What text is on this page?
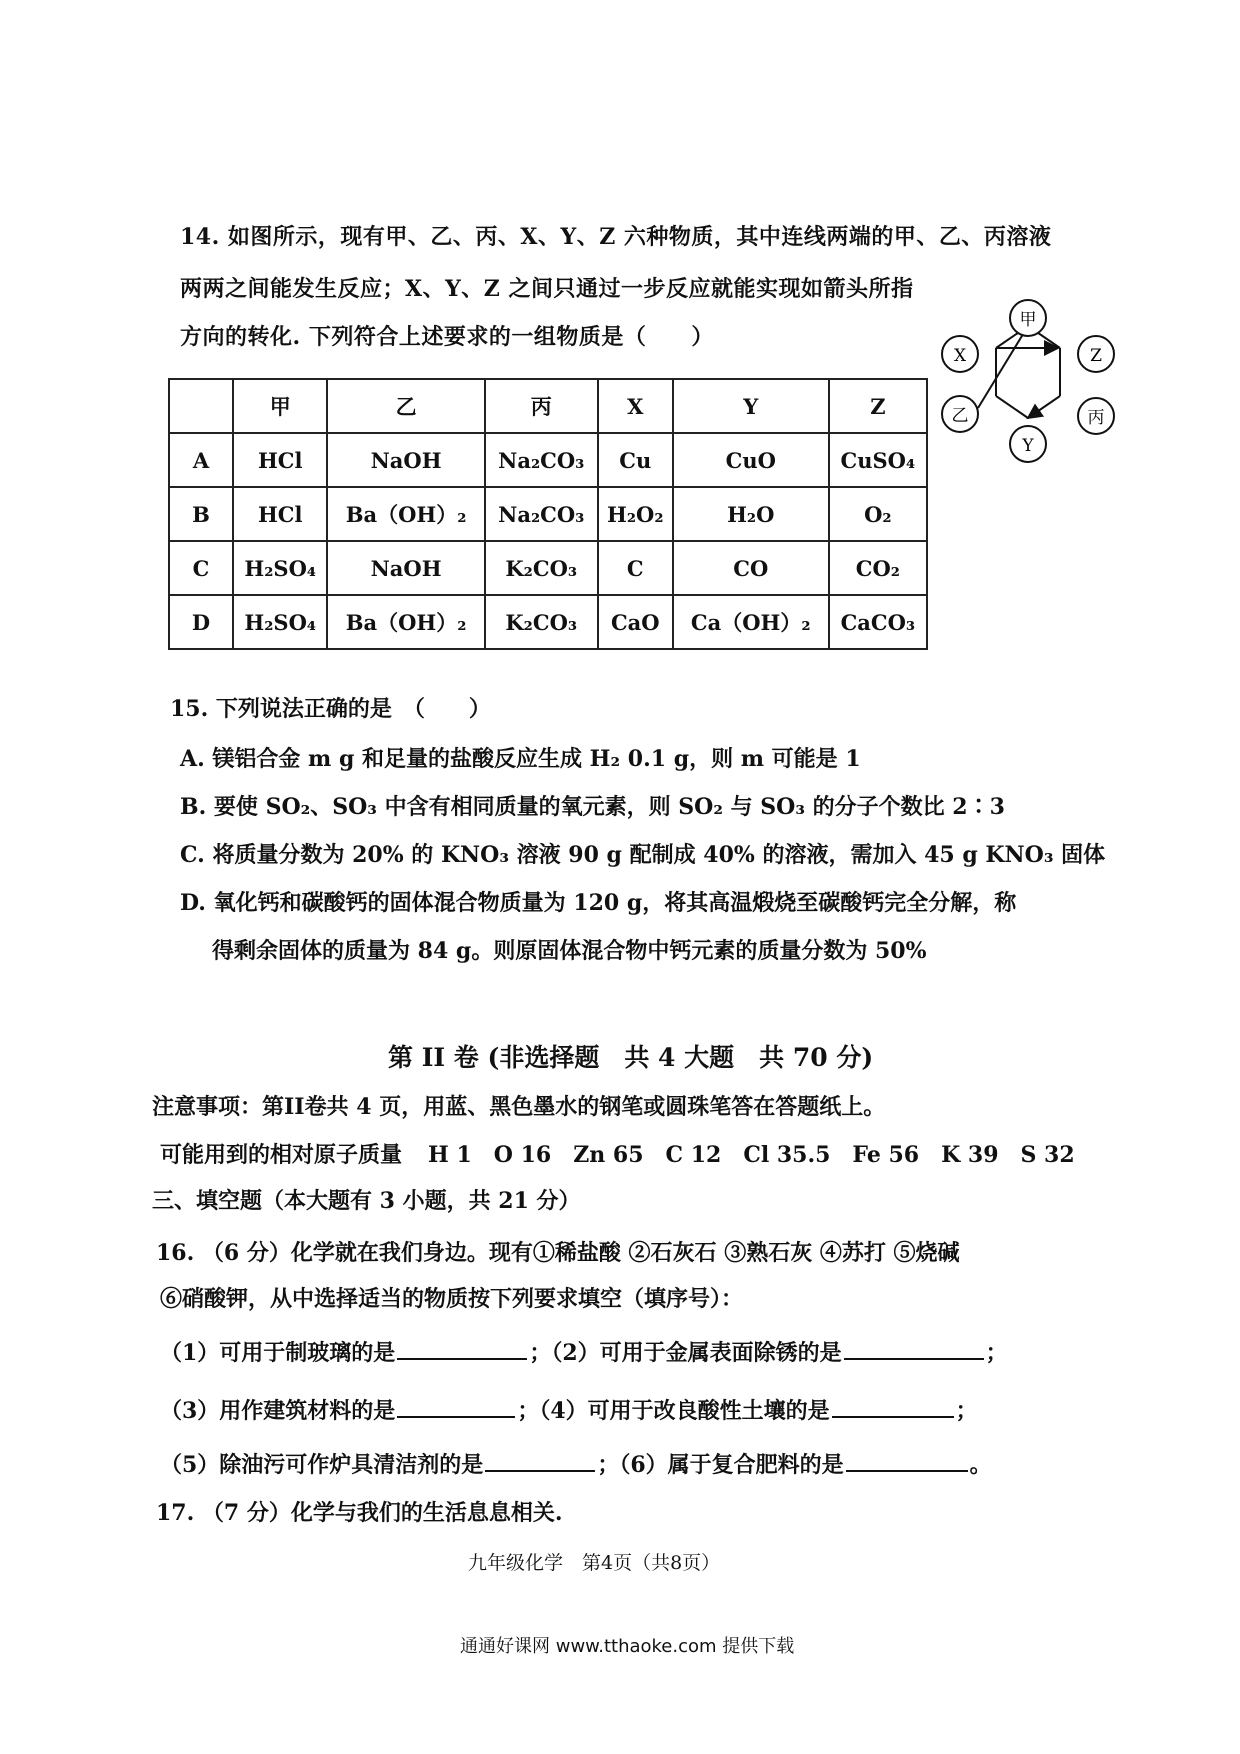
14. 如图所示，现有甲、乙、丙、X、Y、Z 六种物质，其中连线两端的甲、乙、丙溶液
两两之间能发生反应；X、Y、Z 之间只通过一步反应就能实现如箭头所指
方向的转化. 下列符合上述要求的一组物质是（　　）
甲
Z
丙
Y
乙
X
	甲	乙	丙	X	Y	Z
A	HCl	NaOH	Na₂CO₃	Cu	CuO	CuSO₄
B	HCl	Ba（OH）₂	Na₂CO₃	H₂O₂	H₂O	O₂
C	H₂SO₄	NaOH	K₂CO₃	C	CO	CO₂
D	H₂SO₄	Ba（OH）₂	K₂CO₃	CaO	Ca（OH）₂	CaCO₃
15. 下列说法正确的是　（　　）
A. 镁铝合金 m g 和足量的盐酸反应生成 H₂ 0.1 g，则 m 可能是 1
B. 要使 SO₂、SO₃ 中含有相同质量的氧元素，则 SO₂ 与 SO₃ 的分子个数比 2∶3
C. 将质量分数为 20% 的 KNO₃ 溶液 90 g 配制成 40% 的溶液，需加入 45 g KNO₃ 固体
D. 氧化钙和碳酸钙的固体混合物质量为 120 g，将其高温煅烧至碳酸钙完全分解，称
得剩余固体的质量为 84 g。则原固体混合物中钙元素的质量分数为 50%
第 II 卷 (非选择题　共 4 大题　共 70 分)
注意事项：第II卷共 4 页，用蓝、黑色墨水的钢笔或圆珠笔答在答题纸上。
可能用到的相对原子质量 H 1　O 16　Zn 65　C 12　Cl 35.5　Fe 56　K 39　S 32
三、填空题（本大题有 3 小题，共 21 分）
16. （6 分）化学就在我们身边。现有①稀盐酸 ②石灰石 ③熟石灰 ④苏打 ⑤烧碱
⑥硝酸钾，从中选择适当的物质按下列要求填空（填序号）：
（1）可用于制玻璃的是	；（2）可用于金属表面除锈的是	；
（3）用作建筑材料的是	；（4）可用于改良酸性土壤的是	；
（5）除油污可作炉具清洁剂的是	；（6）属于复合肥料的是	。
17. （7 分）化学与我们的生活息息相关.
九年级化学　第4页（共8页）
通通好课网 www.tthaoke.com 提供下载
